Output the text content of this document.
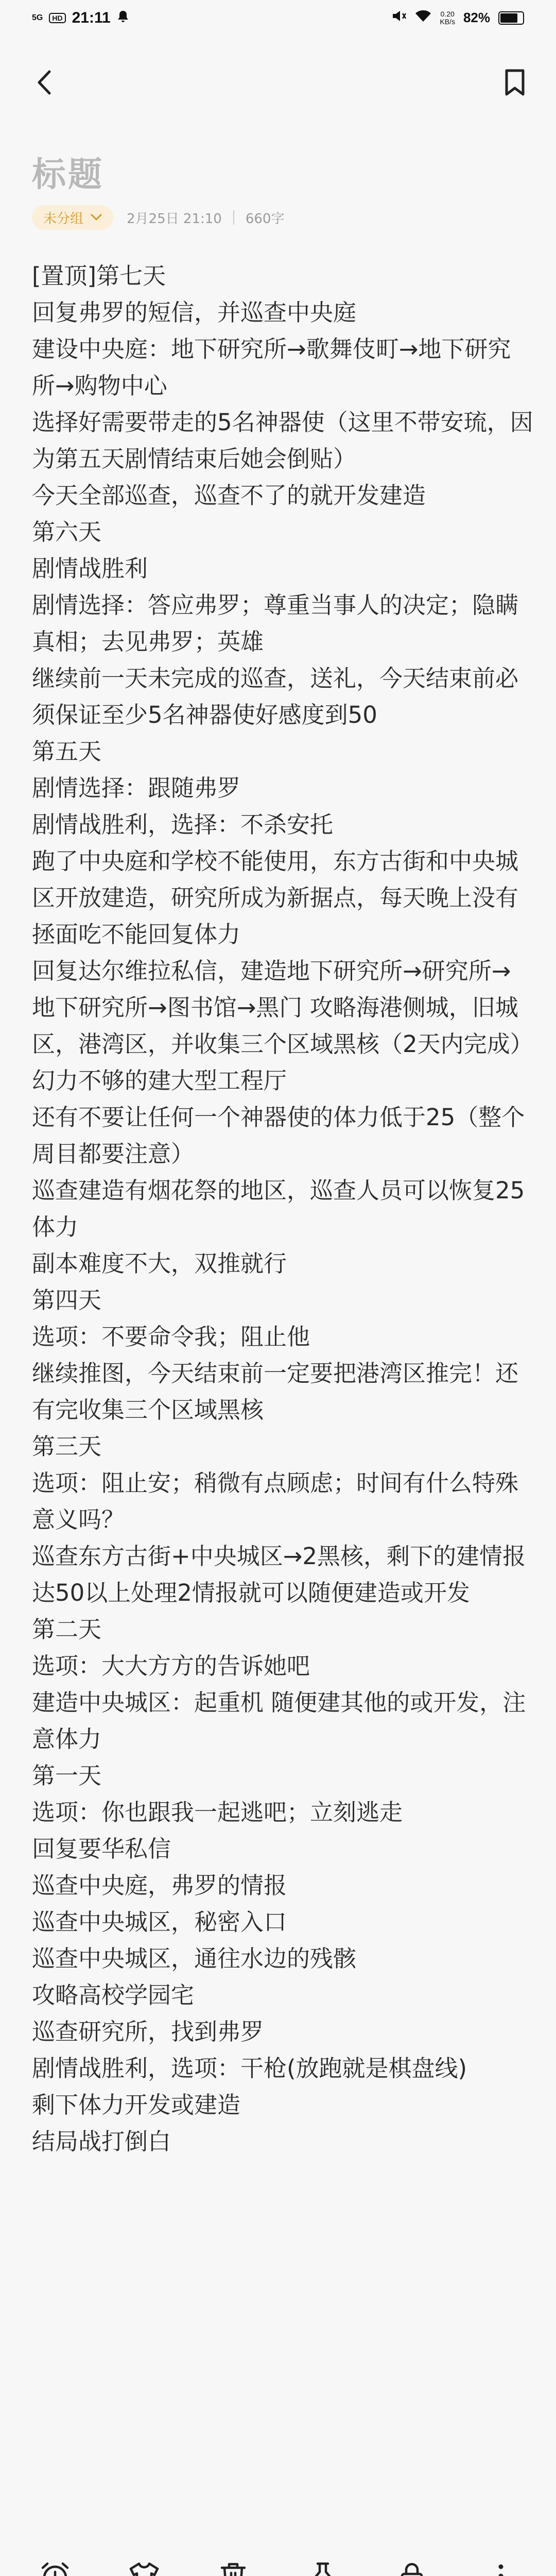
5G	HD 21:11	0.20
KB/s 82%
标题
未分组	2月25日 21:10 660字

[置顶]第七天

回复弗罗的短信，并巡查中央庭

建设中央庭：地下研究所→歌舞伎町→地下研究所→购物中心

选择好需要带走的5名神器使（这里不带安琉，因为第五天剧情结束后她会倒贴）

今天全部巡查，巡查不了的就开发建造

第六天

剧情战胜利

剧情选择：答应弗罗；尊重当事人的决定；隐瞒真相；去见弗罗；英雄

继续前一天未完成的巡查，送礼，今天结束前必须保证至少5名神器使好感度到50

第五天

剧情选择：跟随弗罗

剧情战胜利，选择：不杀安托

跑了中央庭和学校不能使用，东方古街和中央城区开放建造，研究所成为新据点，每天晚上没有拯面吃不能回复体力

回复达尔维拉私信，建造地下研究所→研究所→地下研究所→图书馆→黑门 攻略海港侧城，旧城区，港湾区，并收集三个区域黑核（2天内完成） 幻力不够的建大型工程厅

还有不要让任何一个神器使的体力低于25（整个周目都要注意）

巡查建造有烟花祭的地区，巡查人员可以恢复25体力

副本难度不大，双推就行

第四天

选项：不要命令我；阻止他

继续推图，今天结束前一定要把港湾区推完！还有完收集三个区域黑核

第三天

选项：阻止安；稍微有点顾虑；时间有什么特殊意义吗？

巡查东方古街+中央城区→2黑核，剩下的建情报达50以上处理2情报就可以随便建造或开发

第二天

选项：大大方方的告诉她吧

建造中央城区：起重机 随便建其他的或开发，注意体力

第一天

选项：你也跟我一起逃吧；立刻逃走

回复要华私信

巡查中央庭，弗罗的情报

巡查中央城区，秘密入口

巡查中央城区，通往水边的残骸

攻略高校学园宅

巡查研究所，找到弗罗

剧情战胜利，选项：干枪(放跑就是棋盘线)

剩下体力开发或建造

结局战打倒白
